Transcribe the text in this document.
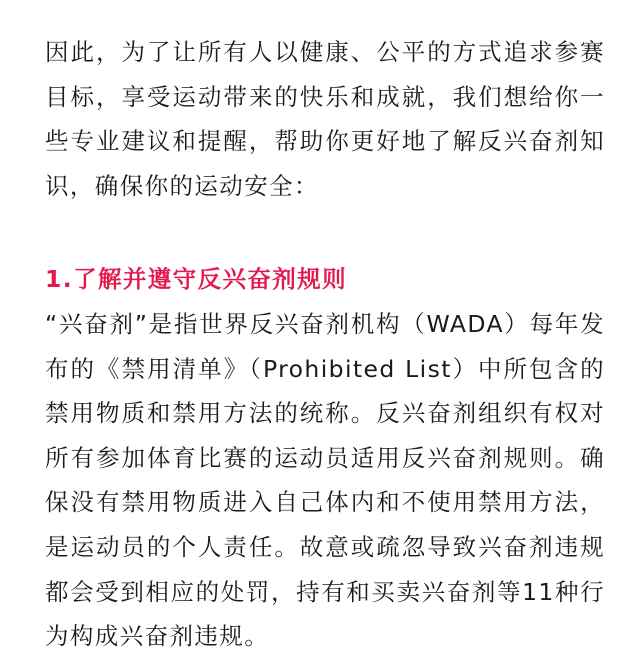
因此，为了让所有人以健康、公平的方式追求参赛目标，享受运动带来的快乐和成就，我们想给你一些专业建议和提醒，帮助你更好地了解反兴奋剂知识，确保你的运动安全：

1.了解并遵守反兴奋剂规则

“兴奋剂”是指世界反兴奋剂机构（WADA）每年发布的《禁用清单》（Prohibited List）中所包含的禁用物质和禁用方法的统称。反兴奋剂组织有权对所有参加体育比赛的运动员适用反兴奋剂规则。确保没有禁用物质进入自己体内和不使用禁用方法，是运动员的个人责任。故意或疏忽导致兴奋剂违规都会受到相应的处罚，持有和买卖兴奋剂等11种行为构成兴奋剂违规。
